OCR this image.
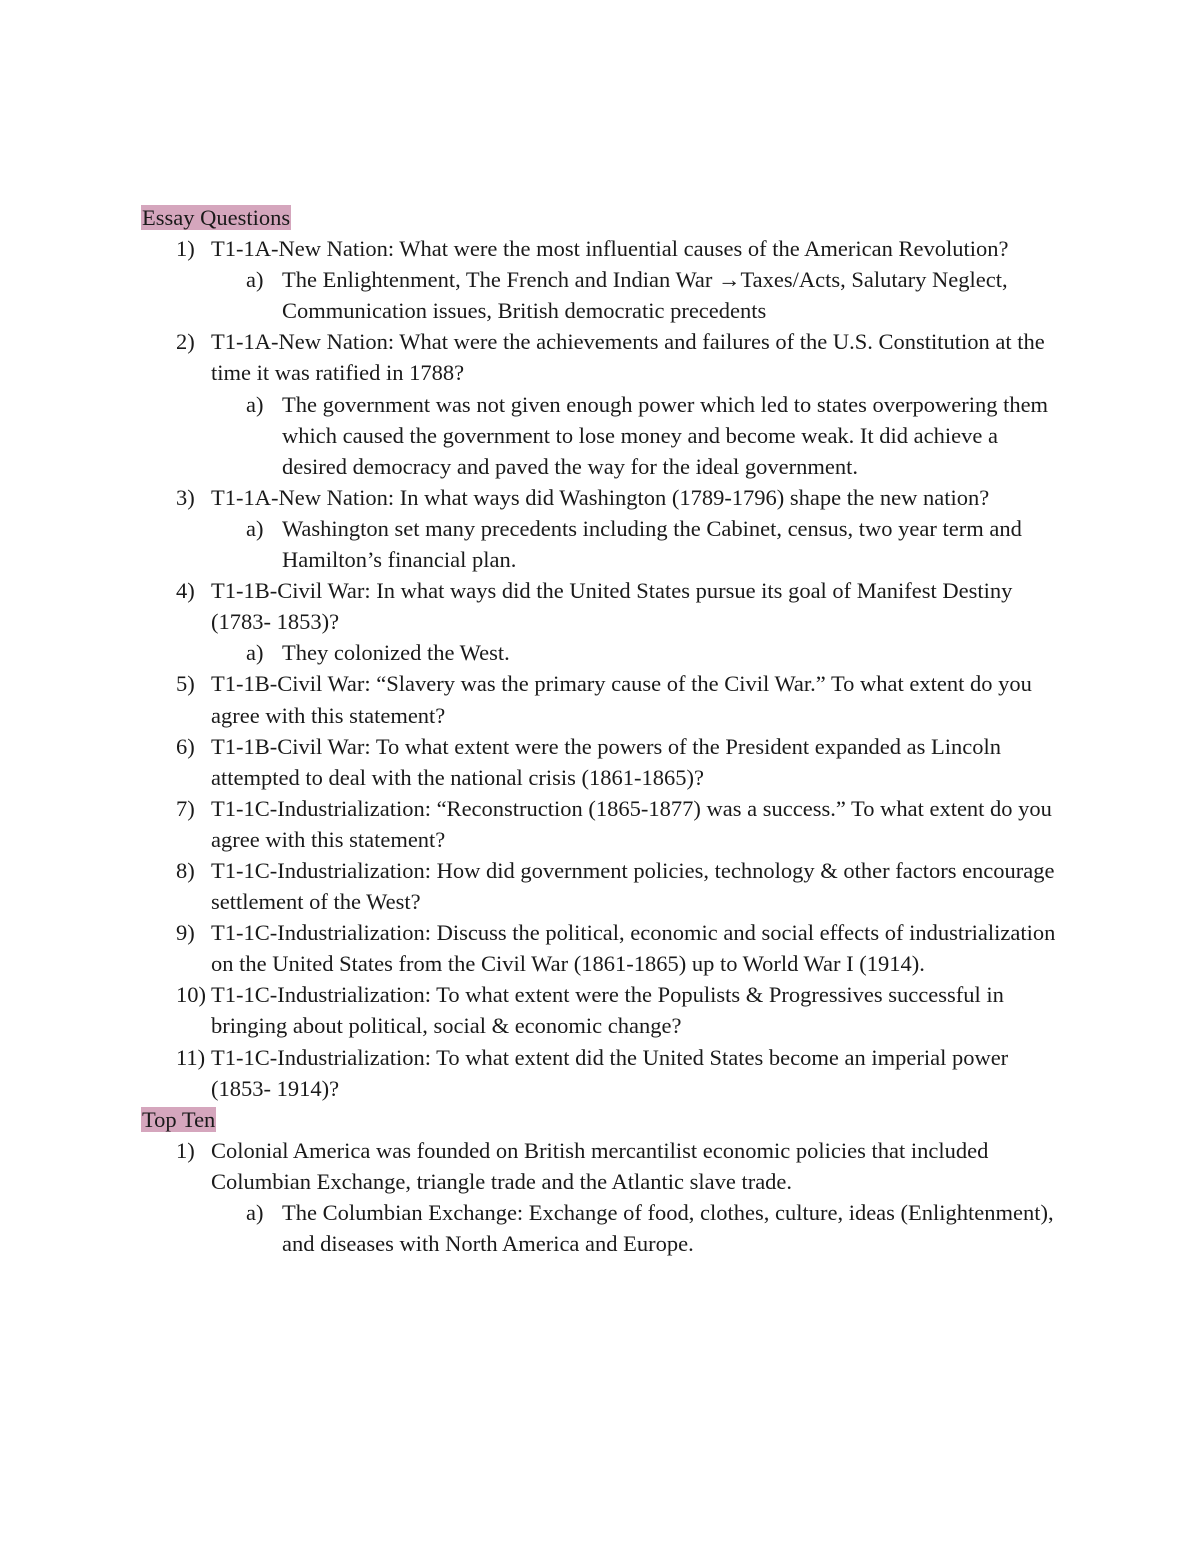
Essay Questions
1) T1-1A-New Nation: What were the most influential causes of the American Revolution?
a) The Enlightenment, The French and Indian War →Taxes/Acts, Salutary Neglect, Communication issues, British democratic precedents
2) T1-1A-New Nation: What were the achievements and failures of the U.S. Constitution at the time it was ratified in 1788?
a) The government was not given enough power which led to states overpowering them which caused the government to lose money and become weak. It did achieve a desired democracy and paved the way for the ideal government.
3) T1-1A-New Nation: In what ways did Washington (1789-1796) shape the new nation?
a) Washington set many precedents including the Cabinet, census, two year term and Hamilton’s financial plan.
4) T1-1B-Civil War: In what ways did the United States pursue its goal of Manifest Destiny (1783- 1853)?
a) They colonized the West.
5) T1-1B-Civil War: “Slavery was the primary cause of the Civil War.” To what extent do you agree with this statement?
6) T1-1B-Civil War: To what extent were the powers of the President expanded as Lincoln attempted to deal with the national crisis (1861-1865)?
7) T1-1C-Industrialization: “Reconstruction (1865-1877) was a success.” To what extent do you agree with this statement?
8) T1-1C-Industrialization: How did government policies, technology & other factors encourage settlement of the West?
9) T1-1C-Industrialization: Discuss the political, economic and social effects of industrialization on the United States from the Civil War (1861-1865) up to World War I (1914).
10) T1-1C-Industrialization: To what extent were the Populists & Progressives successful in bringing about political, social & economic change?
11) T1-1C-Industrialization: To what extent did the United States become an imperial power (1853- 1914)?
Top Ten
1) Colonial America was founded on British mercantilist economic policies that included Columbian Exchange, triangle trade and the Atlantic slave trade.
a) The Columbian Exchange: Exchange of food, clothes, culture, ideas (Enlightenment), and diseases with North America and Europe.
